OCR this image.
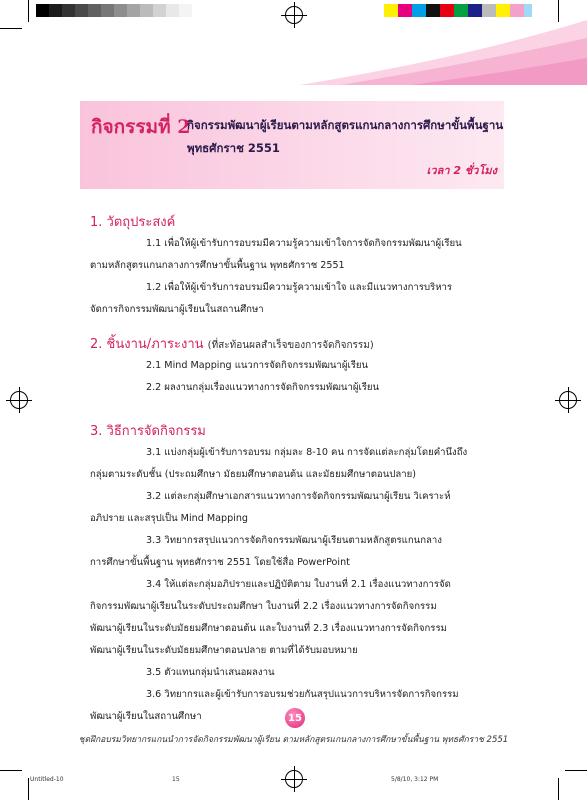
กิจกรรมที่ 2
กิจกรรมพัฒนาผู้เรียนตามหลักสูตรแกนกลางการศึกษาขั้นพื้นฐาน
พุทธศักราช 2551
เวลา 2 ชั่วโมง
1. วัตถุประสงค์
1.1 เพื่อให้ผู้เข้ารับการอบรมมีความรู้ความเข้าใจการจัดกิจกรรมพัฒนาผู้เรียน
ตามหลักสูตรแกนกลางการศึกษาขั้นพื้นฐาน พุทธศักราช 2551
1.2 เพื่อให้ผู้เข้ารับการอบรมมีความรู้ความเข้าใจ และมีแนวทางการบริหาร
จัดการกิจกรรมพัฒนาผู้เรียนในสถานศึกษา
2. ชิ้นงาน/ภาระงาน (ที่สะท้อนผลสำเร็จของการจัดกิจกรรม)
2.1 Mind Mapping แนวการจัดกิจกรรมพัฒนาผู้เรียน
2.2 ผลงานกลุ่มเรื่องแนวทางการจัดกิจกรรมพัฒนาผู้เรียน
3. วิธีการจัดกิจกรรม
3.1 แบ่งกลุ่มผู้เข้ารับการอบรม กลุ่มละ 8-10 คน การจัดแต่ละกลุ่มโดยคำนึงถึง
กลุ่มตามระดับชั้น (ประถมศึกษา มัธยมศึกษาตอนต้น และมัธยมศึกษาตอนปลาย)
3.2 แต่ละกลุ่มศึกษาเอกสารแนวทางการจัดกิจกรรมพัฒนาผู้เรียน วิเคราะห์
อภิปราย และสรุปเป็น Mind Mapping
3.3 วิทยากรสรุปแนวการจัดกิจกรรมพัฒนาผู้เรียนตามหลักสูตรแกนกลาง
การศึกษาขั้นพื้นฐาน พุทธศักราช 2551 โดยใช้สื่อ PowerPoint
3.4 ให้แต่ละกลุ่มอภิปรายและปฏิบัติตาม ใบงานที่ 2.1 เรื่องแนวทางการจัด
กิจกรรมพัฒนาผู้เรียนในระดับประถมศึกษา ใบงานที่ 2.2 เรื่องแนวทางการจัดกิจกรรม
พัฒนาผู้เรียนในระดับมัธยมศึกษาตอนต้น และใบงานที่ 2.3 เรื่องแนวทางการจัดกิจกรรม
พัฒนาผู้เรียนในระดับมัธยมศึกษาตอนปลาย ตามที่ได้รับมอบหมาย
3.5 ตัวแทนกลุ่มนำเสนอผลงาน
3.6 วิทยากรและผู้เข้ารับการอบรมช่วยกันสรุปแนวการบริหารจัดการกิจกรรม
พัฒนาผู้เรียนในสถานศึกษา	15
ชุดฝึกอบรมวิทยากรแกนนำการจัดกิจกรรมพัฒนาผู้เรียน ตามหลักสูตรแกนกลางการศึกษาขั้นพื้นฐาน พุทธศักราช 2551
Untitled-10	15	5/8/10, 3:12 PM
